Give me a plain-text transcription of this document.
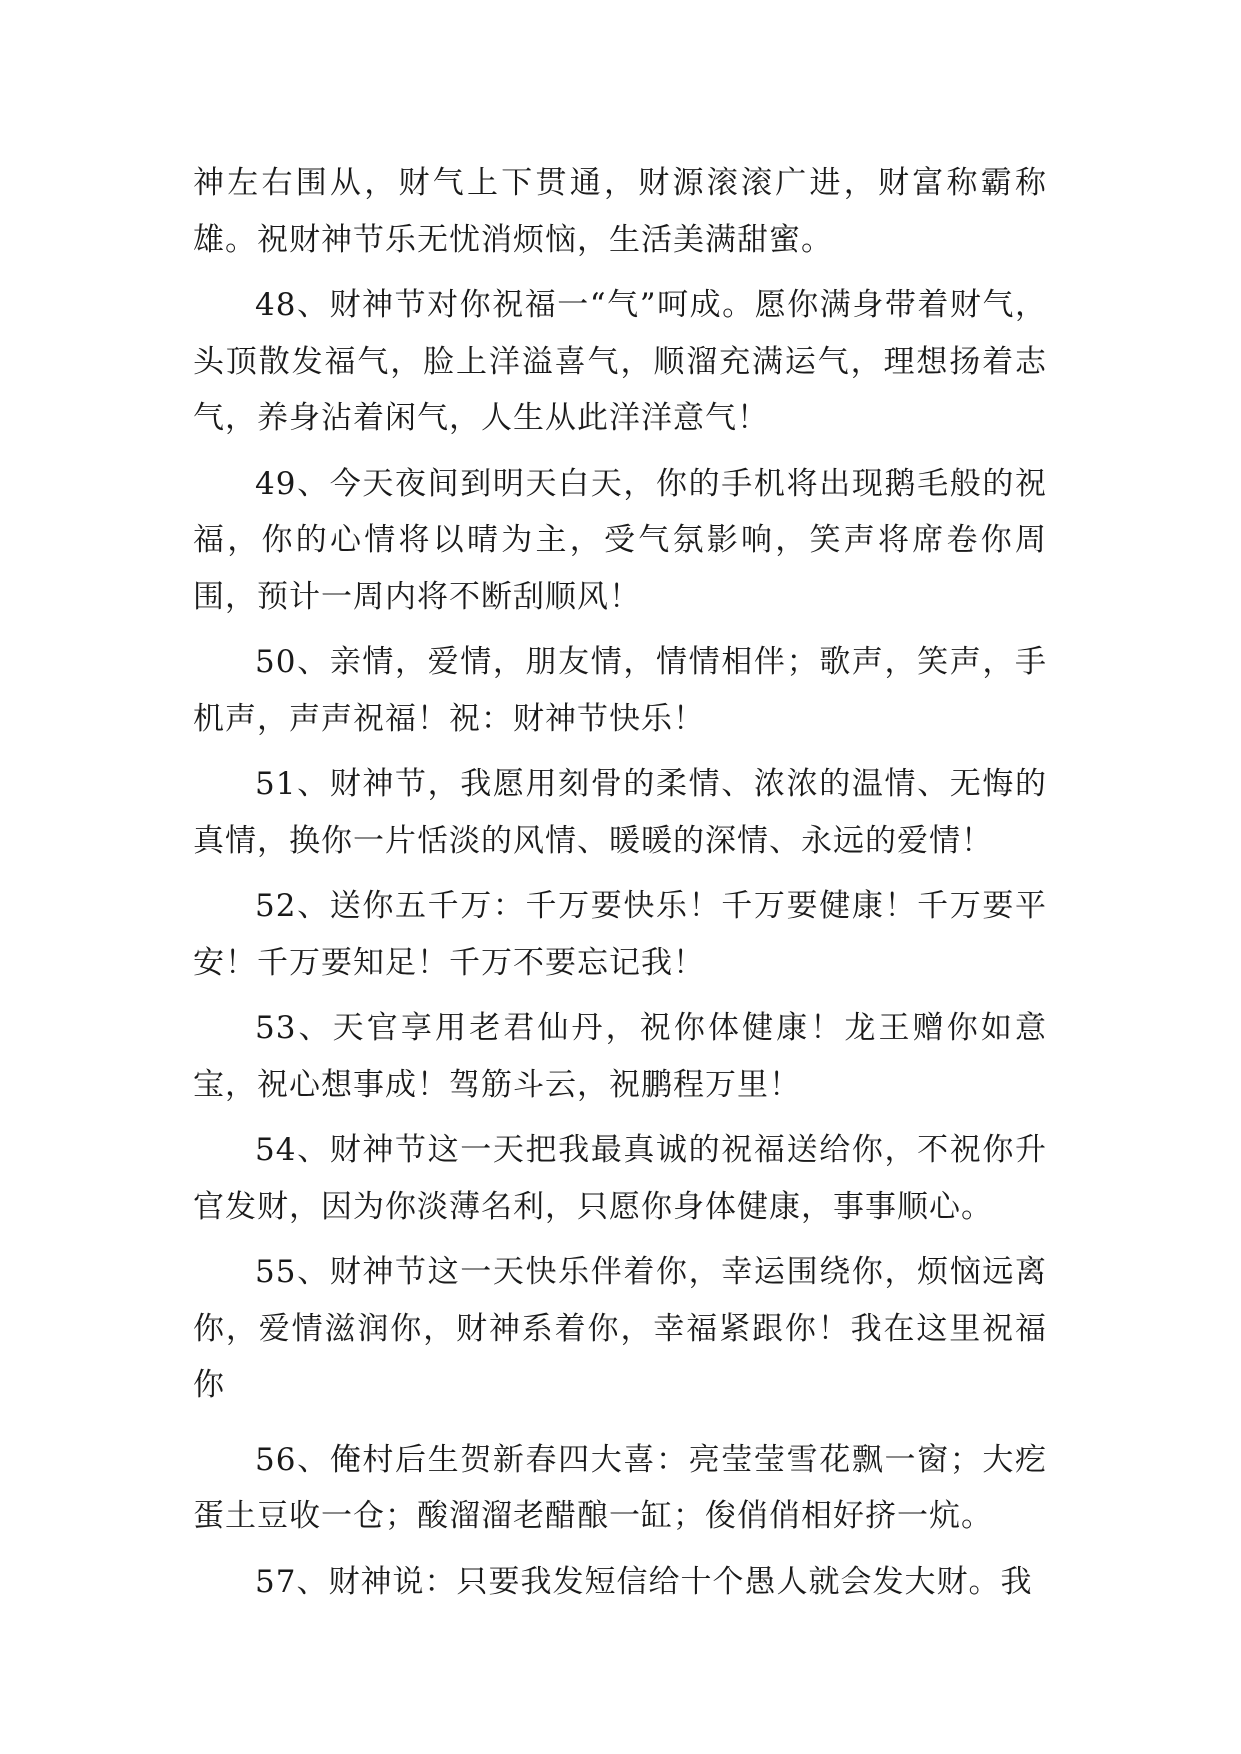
神左右围从，财气上下贯通，财源滚滚广进，财富称霸称雄。祝财神节乐无忧消烦恼，生活美满甜蜜。

48、财神节对你祝福一“气”呵成。愿你满身带着财气，头顶散发福气，脸上洋溢喜气，顺溜充满运气，理想扬着志气，养身沾着闲气，人生从此洋洋意气！

49、今天夜间到明天白天，你的手机将出现鹅毛般的祝福，你的心情将以晴为主，受气氛影响，笑声将席卷你周围，预计一周内将不断刮顺风！

50、亲情，爱情，朋友情，情情相伴；歌声，笑声，手机声，声声祝福！祝：财神节快乐！

51、财神节，我愿用刻骨的柔情、浓浓的温情、无悔的真情，换你一片恬淡的风情、暖暖的深情、永远的爱情！

52、送你五千万：千万要快乐！千万要健康！千万要平安！千万要知足！千万不要忘记我！

53、天官享用老君仙丹，祝你体健康！龙王赠你如意宝，祝心想事成！驾筋斗云，祝鹏程万里！

54、财神节这一天把我最真诚的祝福送给你，不祝你升官发财，因为你淡薄名利，只愿你身体健康，事事顺心。

55、财神节这一天快乐伴着你，幸运围绕你，烦恼远离你，爱情滋润你，财神系着你，幸福紧跟你！我在这里祝福你

56、俺村后生贺新春四大喜：亮莹莹雪花飘一窗；大疙蛋土豆收一仓；酸溜溜老醋酿一缸；俊俏俏相好挤一炕。

57、财神说：只要我发短信给十个愚人就会发大财。我
